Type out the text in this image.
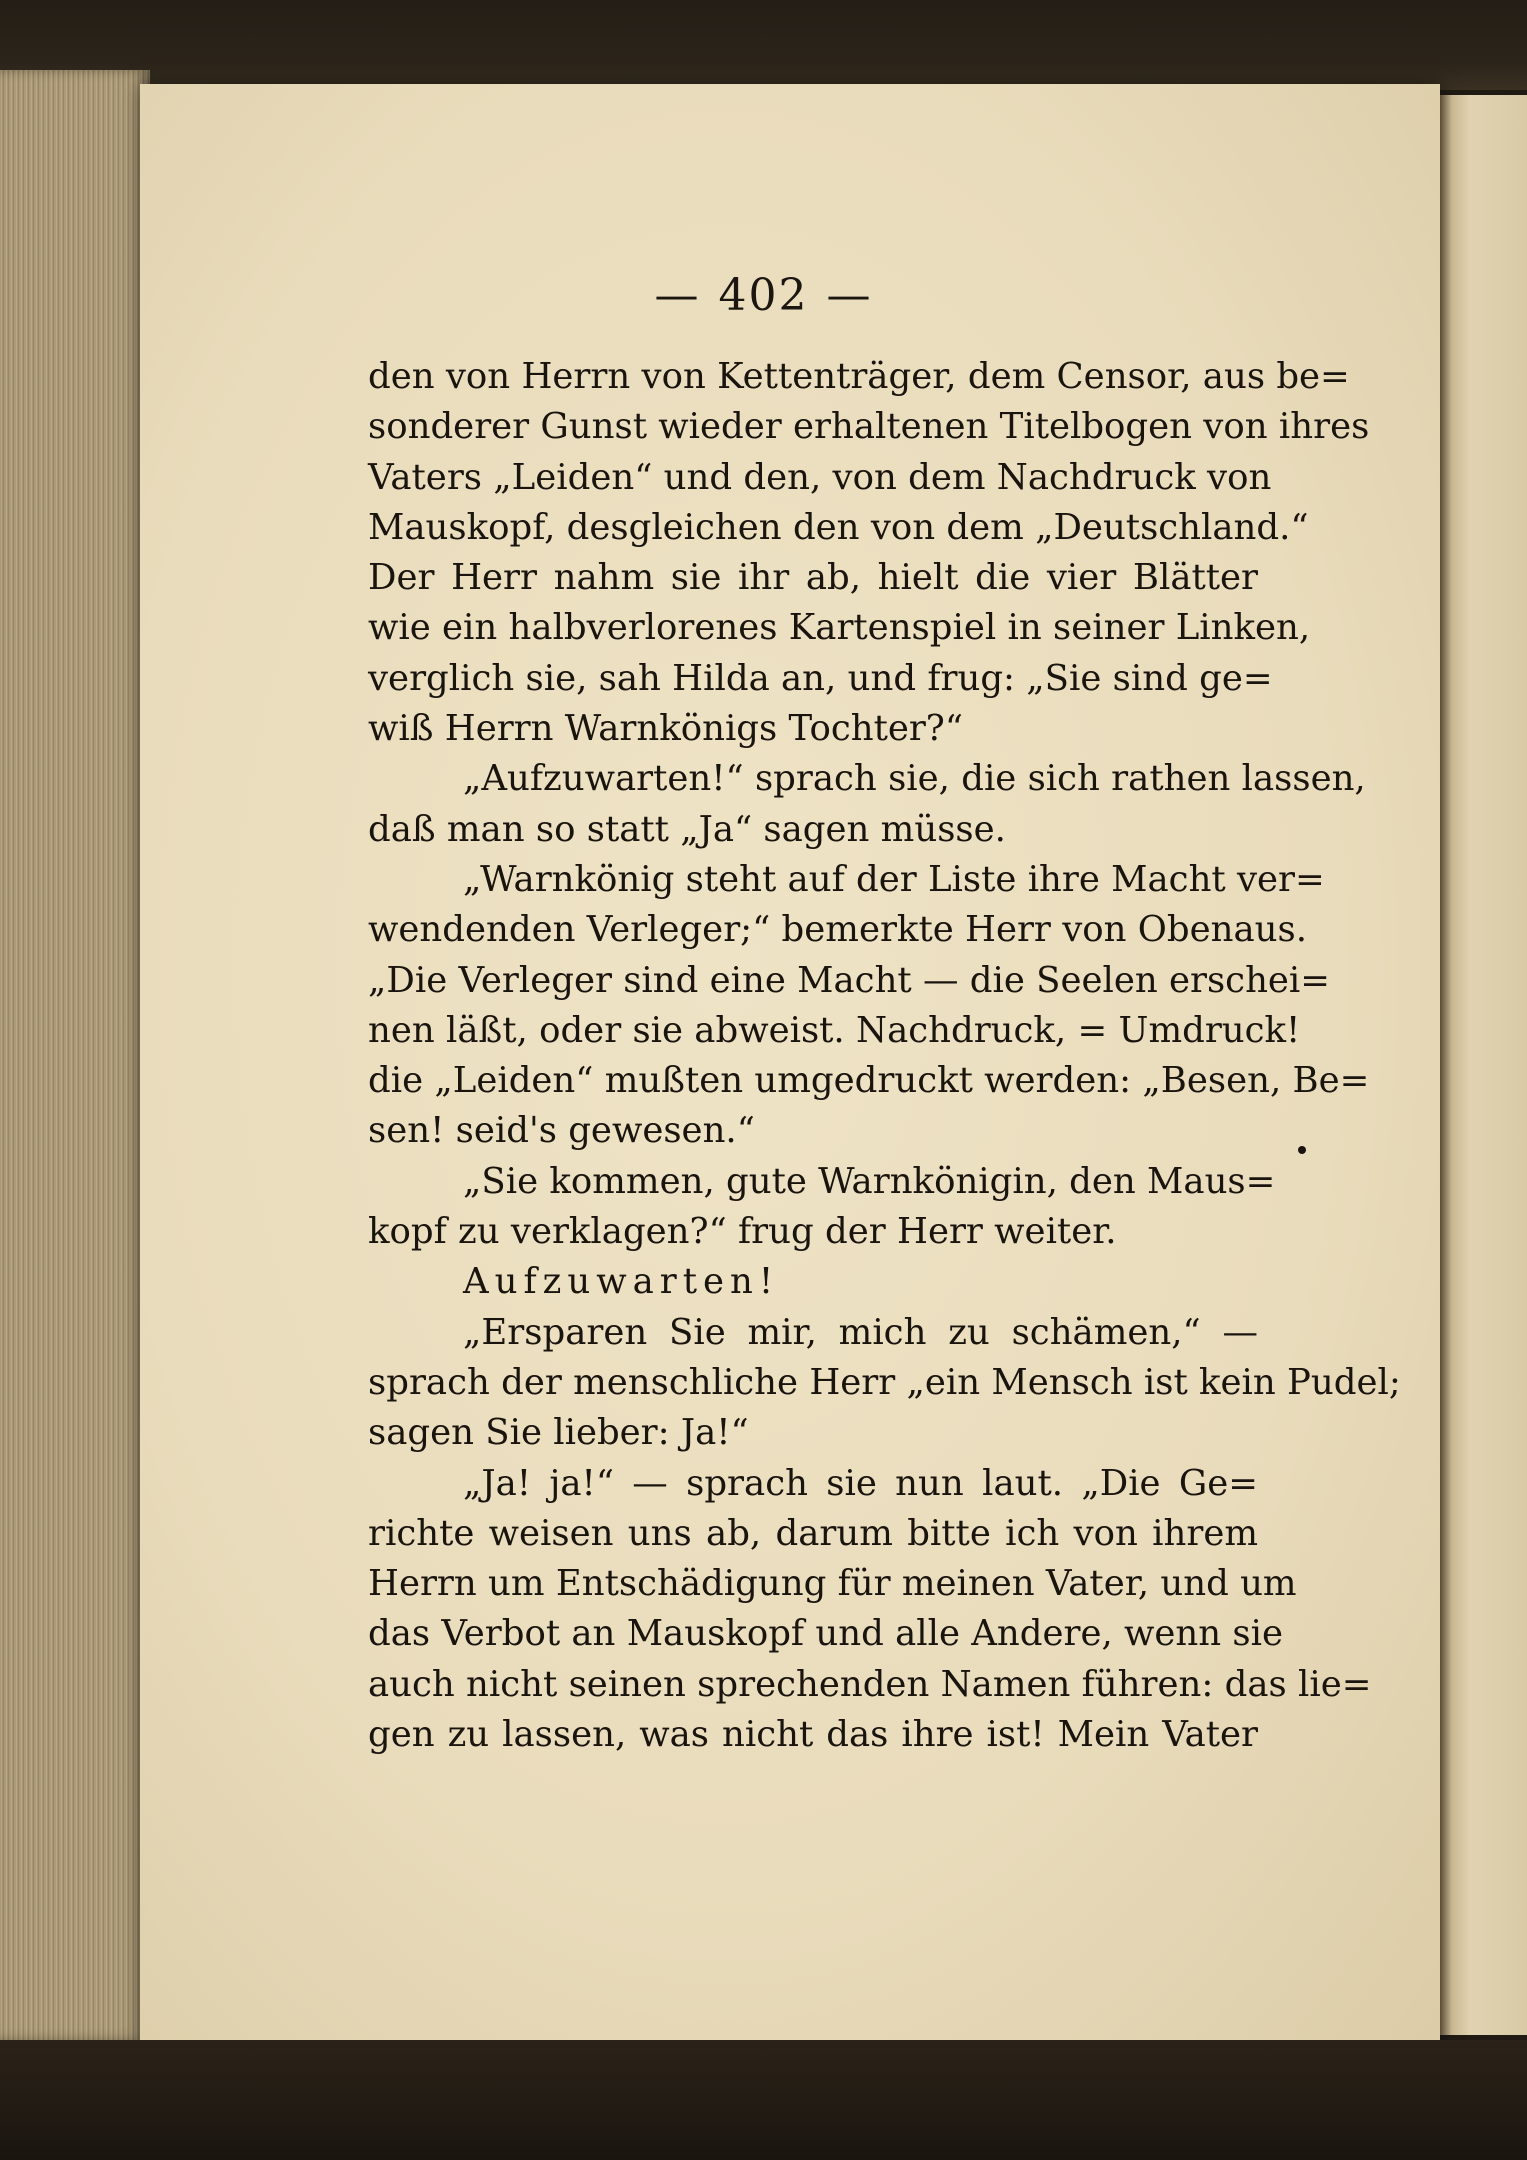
— 402 —
den von Herrn von Kettenträger, dem Censor, aus be=
sonderer Gunst wieder erhaltenen Titelbogen von ihres
Vaters „Leiden“ und den, von dem Nachdruck von
Mauskopf, desgleichen den von dem „Deutschland.“
Der Herr nahm sie ihr ab, hielt die vier Blätter
wie ein halbverlorenes Kartenspiel in seiner Linken,
verglich sie, sah Hilda an, und frug: „Sie sind ge=
wiß Herrn Warnkönigs Tochter?“
„Aufzuwarten!“ sprach sie, die sich rathen lassen,
daß man so statt „Ja“ sagen müsse.
„Warnkönig steht auf der Liste ihre Macht ver=
wendenden Verleger;“ bemerkte Herr von Obenaus.
„Die Verleger sind eine Macht — die Seelen erschei=
nen läßt, oder sie abweist. Nachdruck, = Umdruck!
die „Leiden“ mußten umgedruckt werden: „Besen, Be=
sen! seid's gewesen.“
„Sie kommen, gute Warnkönigin, den Maus=
kopf zu verklagen?“ frug der Herr weiter.
Aufzuwarten!
„Ersparen Sie mir, mich zu schämen,“ —
sprach der menschliche Herr „ein Mensch ist kein Pudel;
sagen Sie lieber: Ja!“
„Ja! ja!“ — sprach sie nun laut. „Die Ge=
richte weisen uns ab, darum bitte ich von ihrem
Herrn um Entschädigung für meinen Vater, und um
das Verbot an Mauskopf und alle Andere, wenn sie
auch nicht seinen sprechenden Namen führen: das lie=
gen zu lassen, was nicht das ihre ist! Mein Vater
